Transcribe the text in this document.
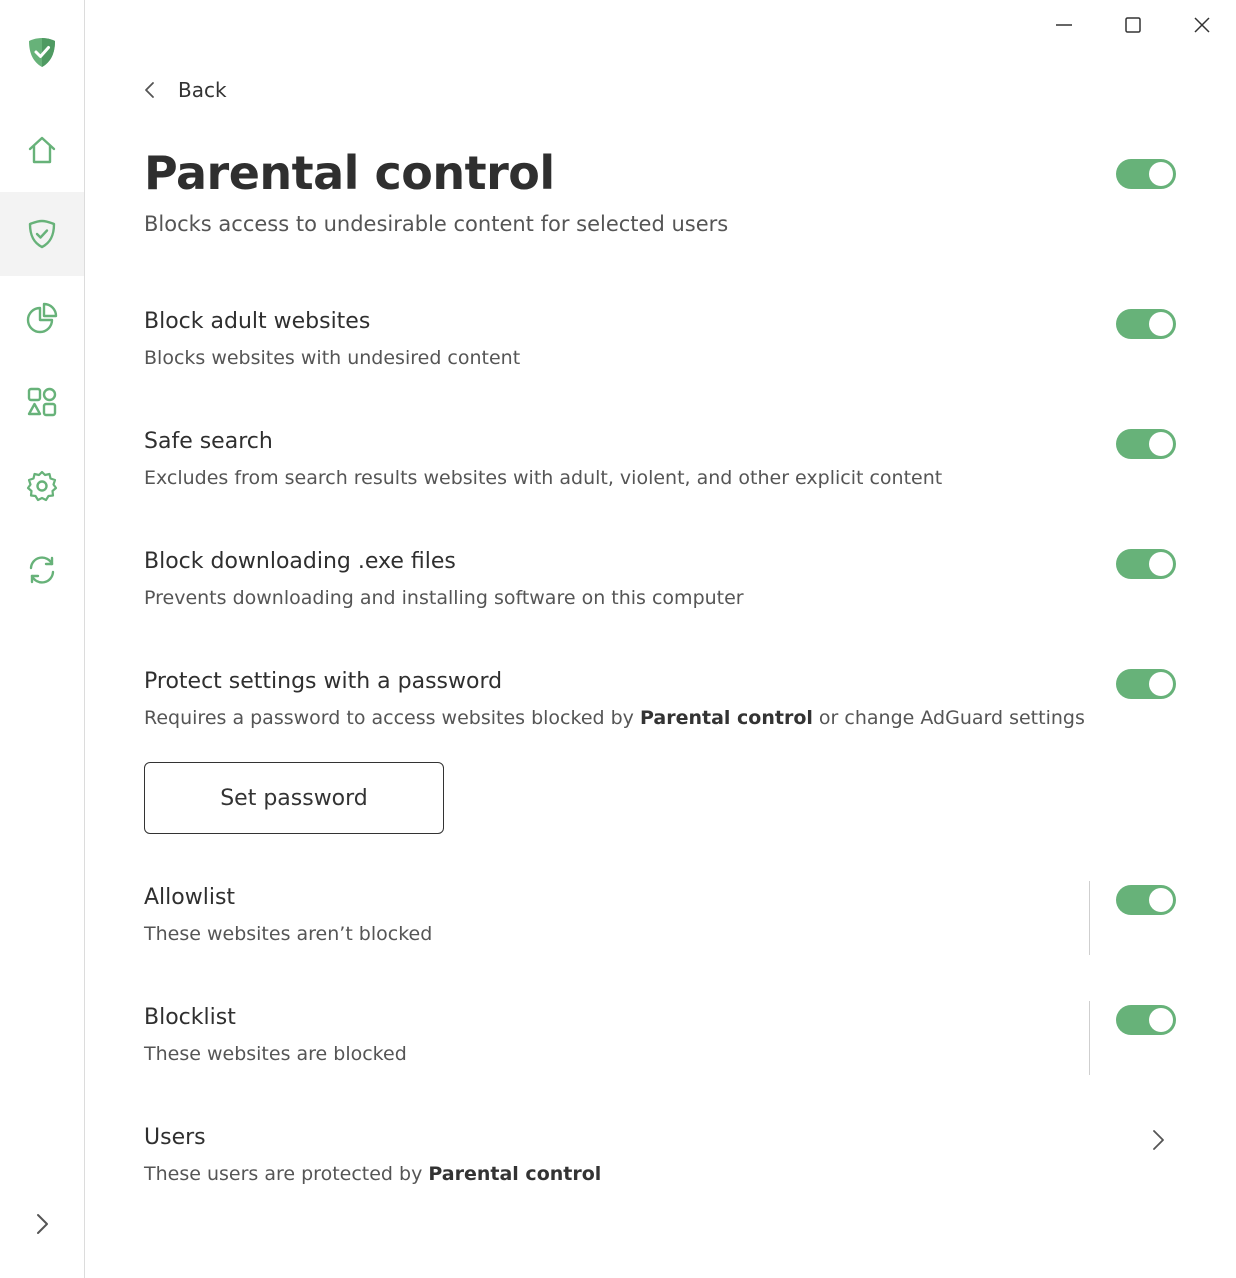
Back
Parental control
Blocks access to undesirable content for selected users
Block adult websites
Blocks websites with undesired content
Safe search
Excludes from search results websites with adult, violent, and other explicit content
Block downloading .exe files
Prevents downloading and installing software on this computer
Protect settings with a password
Requires a password to access websites blocked by Parental control or change AdGuard settings
Set password
Allowlist
These websites aren’t blocked
Blocklist
These websites are blocked
Users
These users are protected by Parental control
